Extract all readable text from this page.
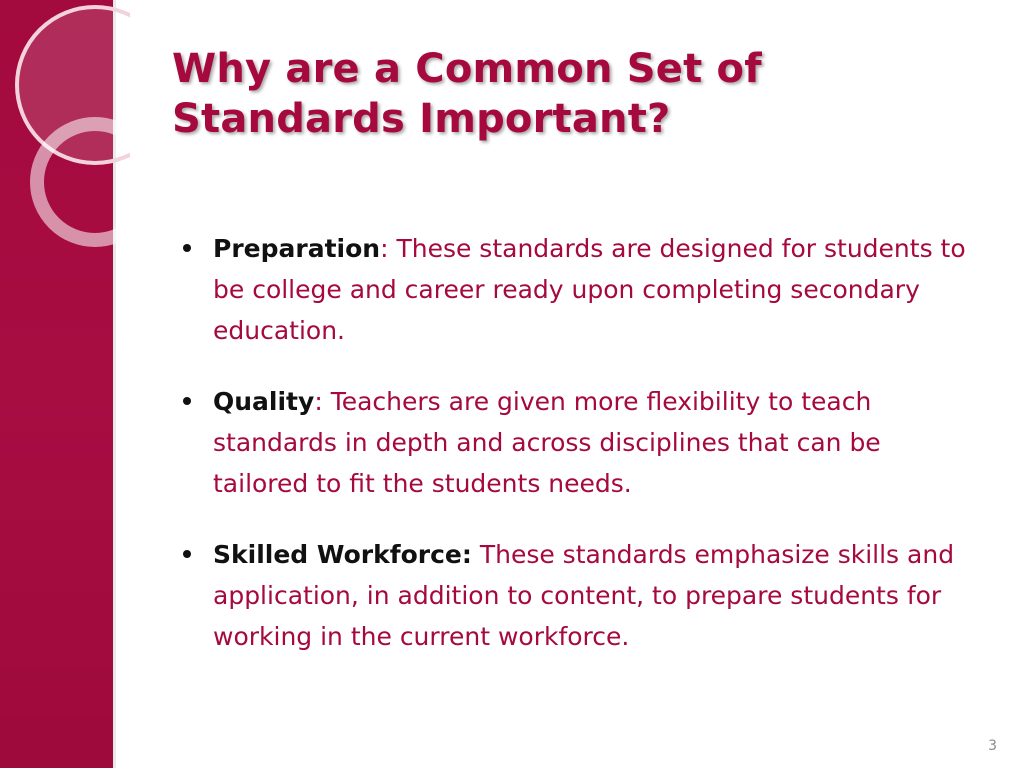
Why are a Common Set of
Standards Important?
Preparation: These standards are designed for students to be college and career ready upon completing secondary education.
Quality: Teachers are given more flexibility to teach standards in depth and across disciplines that can be tailored to fit the students needs.
Skilled Workforce: These standards emphasize skills and application, in addition to content, to prepare students for working in the current workforce.
3
